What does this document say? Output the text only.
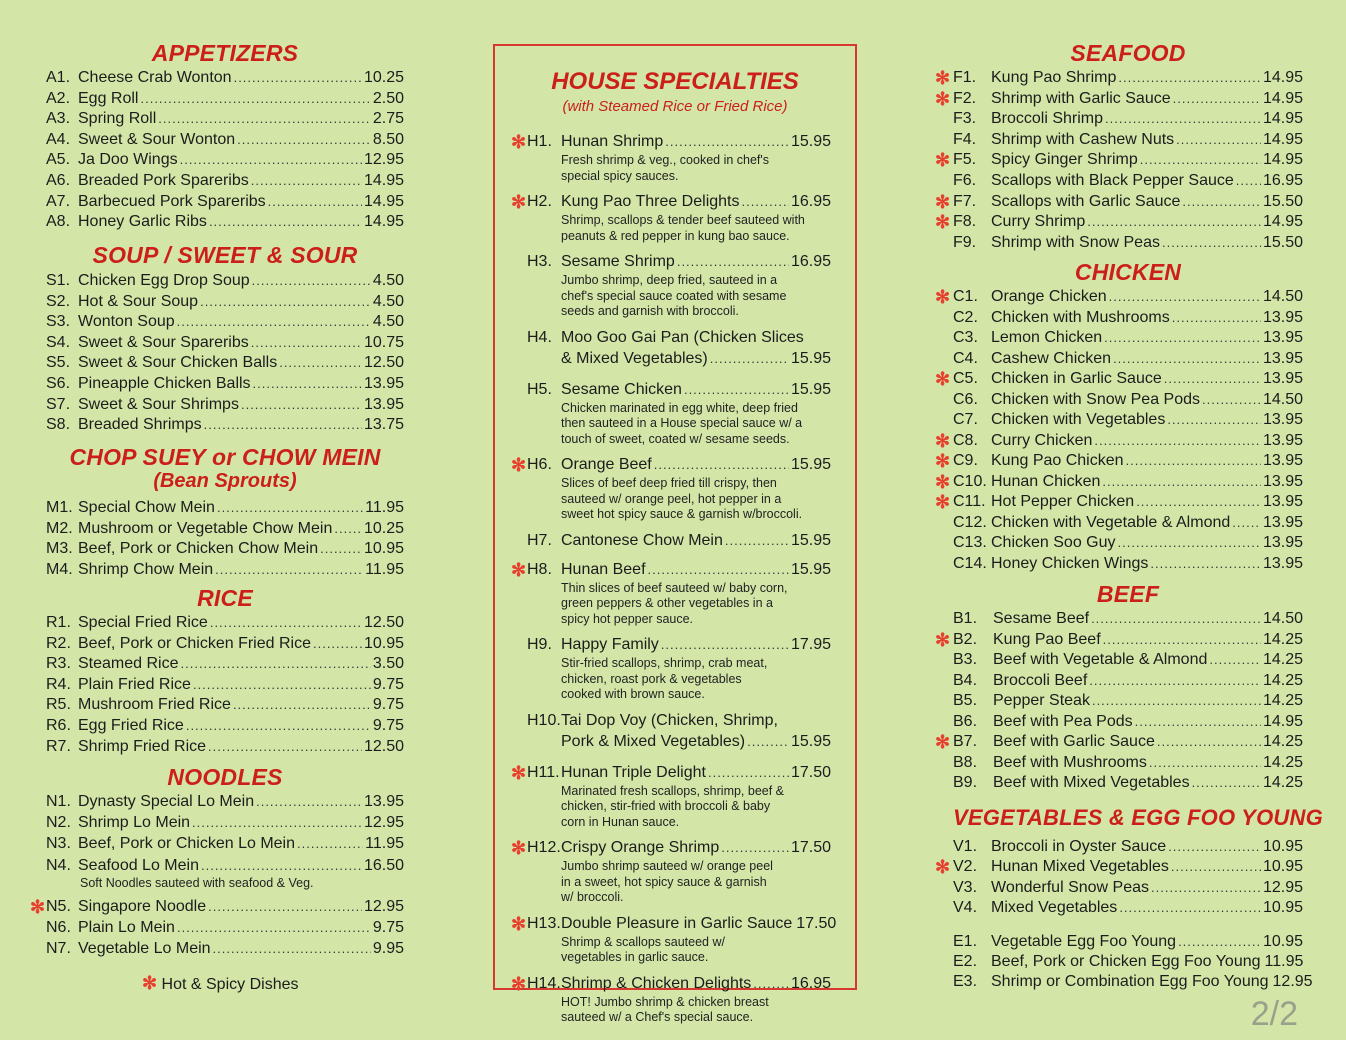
APPETIZERS
A1. Cheese Crab Wonton .....	10.25
A2. Egg Roll .....	2.50
A3. Spring Roll .....	2.75
A4. Sweet & Sour Wonton .....	8.50
A5. Ja Doo Wings .....	12.95
A6. Breaded Pork Spareribs .....	14.95
A7. Barbecued Pork Spareribs .....	14.95
A8. Honey Garlic Ribs .....	14.95
SOUP / SWEET & SOUR
S1. Chicken Egg Drop Soup .....	4.50
S2. Hot & Sour Soup .....	4.50
S3. Wonton Soup .....	4.50
S4. Sweet & Sour Spareribs .....	10.75
S5. Sweet & Sour Chicken Balls .....	12.50
S6. Pineapple Chicken Balls .....	13.95
S7. Sweet & Sour Shrimps .....	13.95
S8. Breaded Shrimps .....	13.75
CHOP SUEY or CHOW MEIN
(Bean Sprouts)
M1. Special Chow Mein .....	11.95
M2. Mushroom or Vegetable Chow Mein ..... 10.25
M3. Beef, Pork or Chicken Chow Mein .....	10.95
M4. Shrimp Chow Mein .....	11.95
RICE
R1. Special Fried Rice .....	12.50
R2. Beef, Pork or Chicken Fried Rice .....	10.95
R3. Steamed Rice .....	3.50
R4. Plain Fried Rice .....	9.75
R5. Mushroom Fried Rice .....	9.75
R6. Egg Fried Rice .....	9.75
R7. Shrimp Fried Rice .....	12.50
NOODLES
N1. Dynasty Special Lo Mein .....	13.95
N2. Shrimp Lo Mein .....	12.95
N3. Beef, Pork or Chicken Lo Mein .....	11.95
N4. Seafood Lo Mein .....	16.50
Soft Noodles sauteed with seafood & Veg.
N5. Singapore Noodle .....	12.95
✻
N6. Plain Lo Mein .....	9.75
N7. Vegetable Lo Mein .....	9.95
✻ Hot & Spicy Dishes
HOUSE SPECIALTIES
(with Steamed Rice or Fried Rice)
✻ H1. Hunan Shrimp .....	15.95
Fresh shrimp & veg., cooked in chef's
special spicy sauces.
✻ H2. Kung Pao Three Delights .....	16.95
Shrimp, scallops & tender beef sauteed with
peanuts & red pepper in kung bao sauce.
H3. Sesame Shrimp .....	16.95
Jumbo shrimp, deep fried, sauteed in a
chef's special sauce coated with sesame
seeds and garnish with broccoli.
H4. Moo Goo Gai Pan (Chicken Slices
& Mixed Vegetables) .....	15.95
H5. Sesame Chicken .....	15.95
Chicken marinated in egg white, deep fried
then sauteed in a House special sauce w/ a
touch of sweet, coated w/ sesame seeds.
✻ H6. Orange Beef .....	15.95
Slices of beef deep fried till crispy, then
sauteed w/ orange peel, hot pepper in a
sweet hot spicy sauce & garnish w/broccoli.
H7. Cantonese Chow Mein .....	15.95
✻ H8. Hunan Beef .....	15.95
Thin slices of beef sauteed w/ baby corn,
green peppers & other vegetables in a
spicy hot pepper sauce.
H9. Happy Family .....	17.95
Stir-fried scallops, shrimp, crab meat,
chicken, roast pork & vegetables
cooked with brown sauce.
H10. Tai Dop Voy (Chicken, Shrimp,
Pork & Mixed Vegetables) .....	15.95
✻ H11. Hunan Triple Delight .....	17.50
Marinated fresh scallops, shrimp, beef &
chicken, stir-fried with broccoli & baby
corn in Hunan sauce.
✻ H12. Crispy Orange Shrimp .....	17.50
Jumbo shrimp sauteed w/ orange peel
in a sweet, hot spicy sauce & garnish
w/ broccoli.
✻ H13. Double Pleasure in Garlic Sauce 17.50
Shrimp & scallops sauteed w/
vegetables in garlic sauce.
✻ H14. Shrimp & Chicken Delights ..... 16.95
HOT! Jumbo shrimp & chicken breast
sauteed w/ a Chef's special sauce.
SEAFOOD
F1. Kung Pao Shrimp .....	14.95
✻
F2. Shrimp with Garlic Sauce .....	14.95
✻
F3. Broccoli Shrimp .....	14.95
F4. Shrimp with Cashew Nuts .....	14.95
F5. Spicy Ginger Shrimp .....	14.95
✻
F6. Scallops with Black Pepper Sauce ..... 16.95
F7. Scallops with Garlic Sauce .....	15.50
✻
F8. Curry Shrimp .....	14.95
✻
F9. Shrimp with Snow Peas .....	15.50
CHICKEN
C1. Orange Chicken .....	14.50
✻
C2. Chicken with Mushrooms .....	13.95
C3. Lemon Chicken .....	13.95
C4. Cashew Chicken .....	13.95
C5. Chicken in Garlic Sauce .....	13.95
✻
C6. Chicken with Snow Pea Pods .....	14.50
C7. Chicken with Vegetables .....	13.95
C8. Curry Chicken .....	13.95
✻
C9. Kung Pao Chicken .....	13.95
✻
C10. Hunan Chicken .....	13.95
✻
C11. Hot Pepper Chicken .....	13.95
✻
C12. Chicken with Vegetable & Almond ..... 13.95
C13. Chicken Soo Guy .....	13.95
C14. Honey Chicken Wings .....	13.95
BEEF
B1. Sesame Beef .....	14.50
B2. Kung Pao Beef .....	14.25
✻
B3. Beef with Vegetable & Almond .....	14.25
B4. Broccoli Beef .....	14.25
B5. Pepper Steak .....	14.25
B6. Beef with Pea Pods .....	14.95
B7. Beef with Garlic Sauce .....	14.25
✻
B8. Beef with Mushrooms .....	14.25
B9. Beef with Mixed Vegetables .....	14.25
VEGETABLES & EGG FOO YOUNG
V1. Broccoli in Oyster Sauce .....	10.95
V2. Hunan Mixed Vegetables .....	10.95
✻
V3. Wonderful Snow Peas .....	12.95
V4. Mixed Vegetables .....	10.95
E1. Vegetable Egg Foo Young .....	10.95
E2. Beef, Pork or Chicken Egg Foo Young 11.95
E3. Shrimp or Combination Egg Foo Young 12.95
2/2
